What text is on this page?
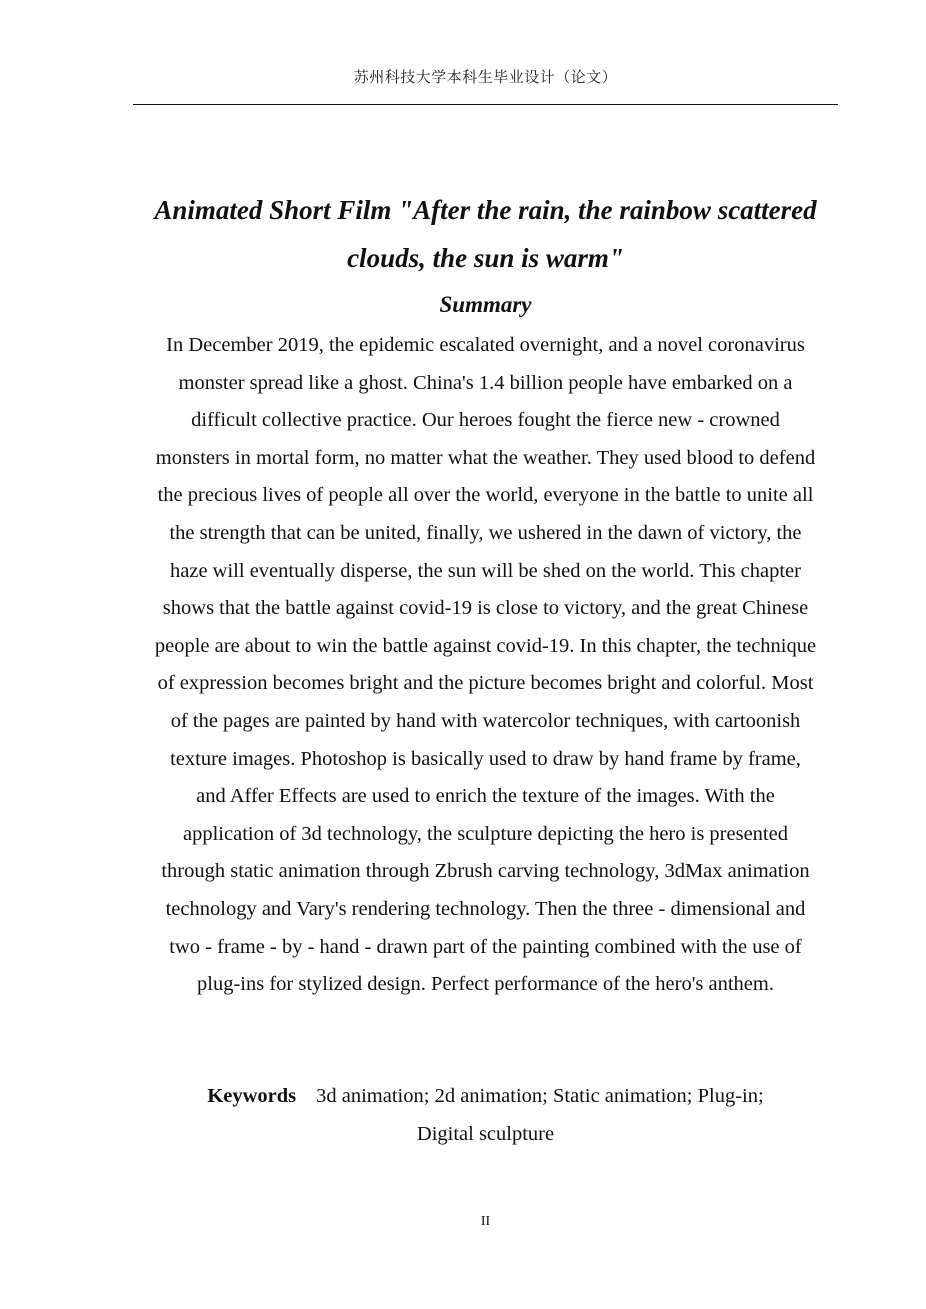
苏州科技大学本科生毕业设计（论文）
Animated Short Film "After the rain, the rainbow scattered
clouds, the sun is warm"
Summary

In December 2019, the epidemic escalated overnight, and a novel coronavirus
monster spread like a ghost. China's 1.4 billion people have embarked on a
difficult collective practice. Our heroes fought the fierce new - crowned
monsters in mortal form, no matter what the weather. They used blood to defend
the precious lives of people all over the world, everyone in the battle to unite all
the strength that can be united, finally, we ushered in the dawn of victory, the
haze will eventually disperse, the sun will be shed on the world. This chapter
shows that the battle against covid-19 is close to victory, and the great Chinese
people are about to win the battle against covid-19. In this chapter, the technique
of expression becomes bright and the picture becomes bright and colorful. Most
of the pages are painted by hand with watercolor techniques, with cartoonish
texture images. Photoshop is basically used to draw by hand frame by frame,
and Affer Effects are used to enrich the texture of the images. With the
application of 3d technology, the sculpture depicting the hero is presented
through static animation through Zbrush carving technology, 3dMax animation
technology and Vary's rendering technology. Then the three - dimensional and
two - frame - by - hand - drawn part of the painting combined with the use of
plug-ins for stylized design. Perfect performance of the hero's anthem.

Keywords 3d animation; 2d animation; Static animation; Plug-in;
Digital sculpture

II
